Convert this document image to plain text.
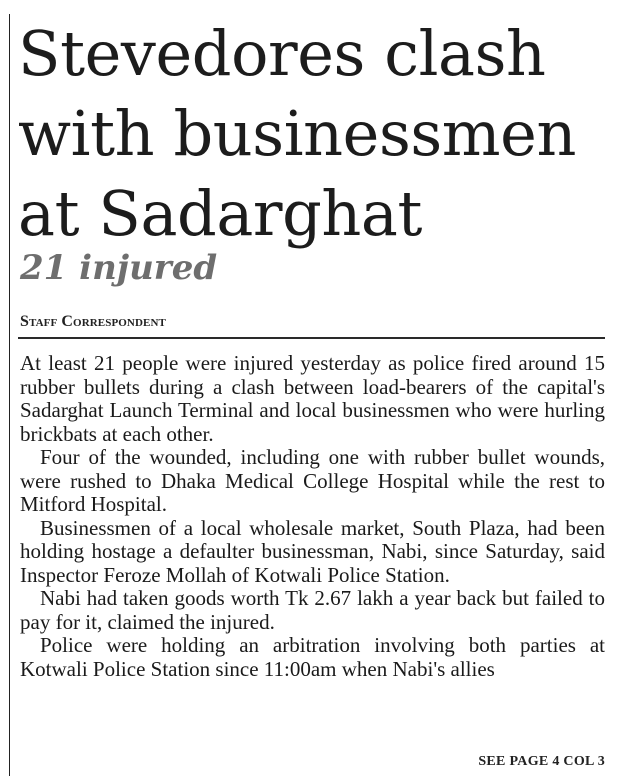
Stevedores clash
with businessmen
at Sadarghat
21 injured
Staff Correspondent

At least 21 people were injured yesterday as police fired around 15 rubber bullets during a clash between load-bearers of the capital's Sadarghat Launch Terminal and local businessmen who were hurling brickbats at each other.

Four of the wounded, including one with rubber bullet wounds, were rushed to Dhaka Medical College Hospital while the rest to Mitford Hospital.

Businessmen of a local wholesale market, South Plaza, had been holding hostage a defaulter businessman, Nabi, since Saturday, said Inspector Feroze Mollah of Kotwali Police Station.

Nabi had taken goods worth Tk 2.67 lakh a year back but failed to pay for it, claimed the injured.

Police were holding an arbitration involving both parties at Kotwali Police Station since 11:00am when Nabi's allies

SEE PAGE 4 COL 3
